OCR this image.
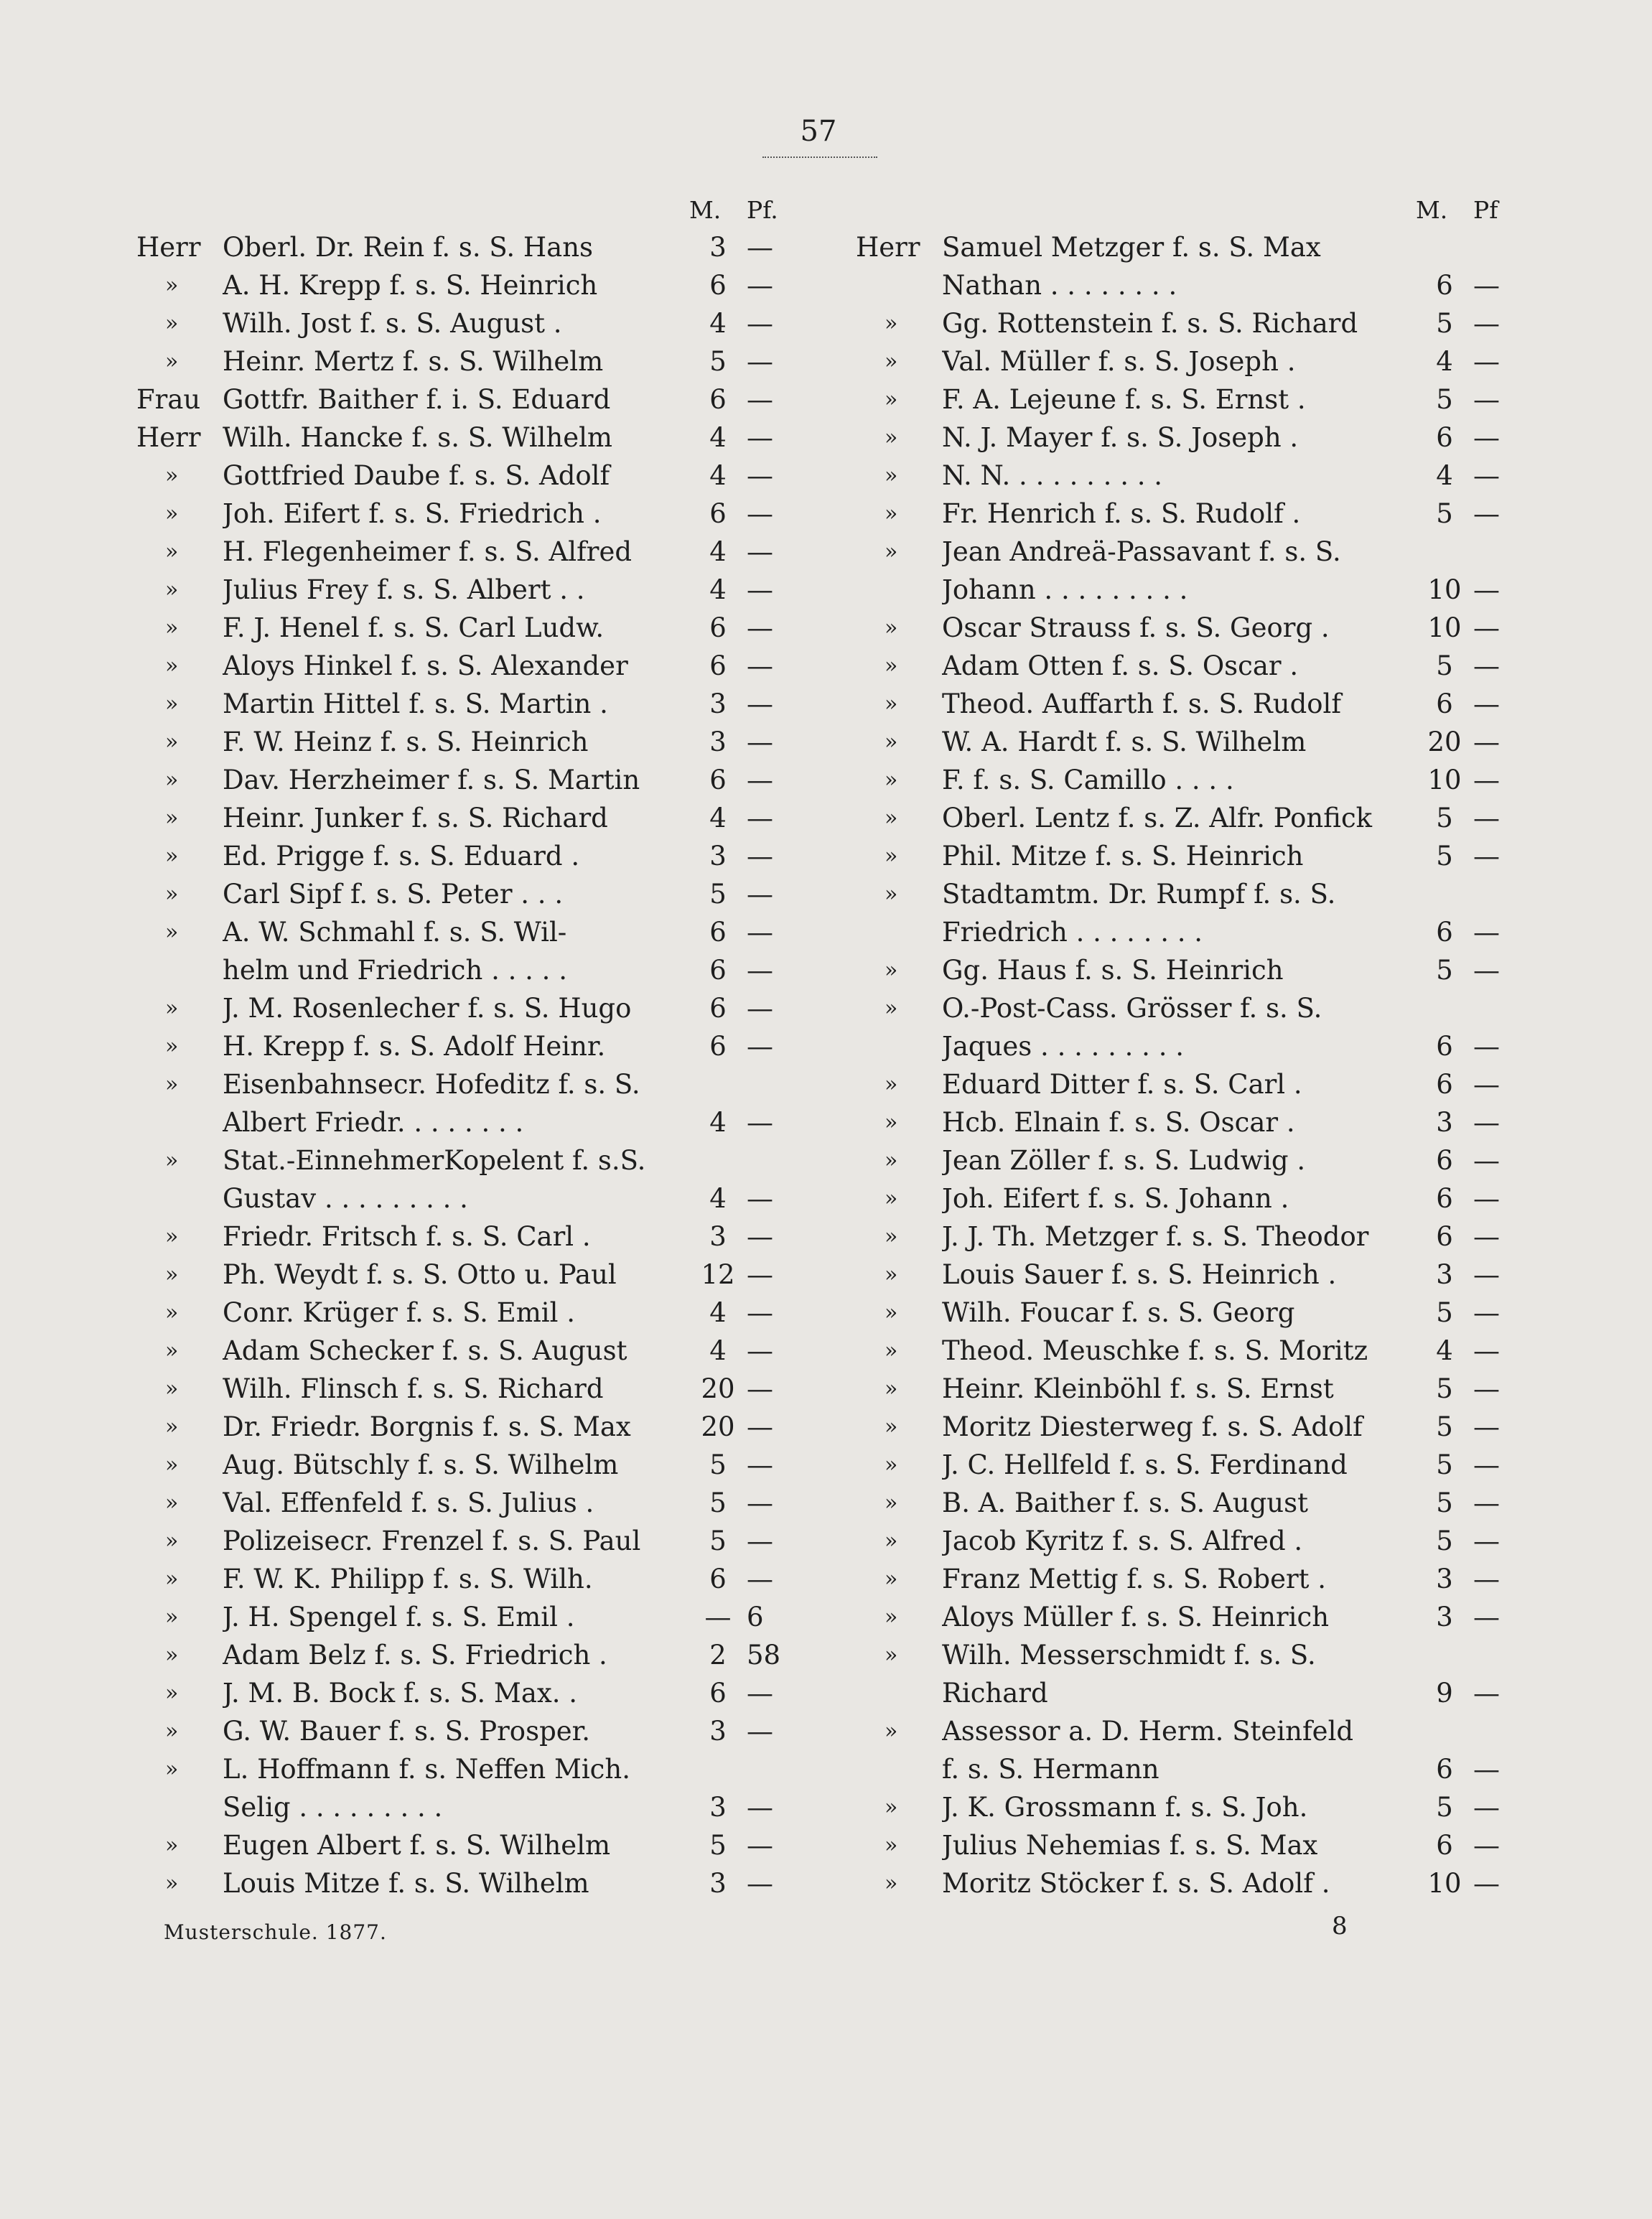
57
M. Pf.
Herr Oberl. Dr. Rein f. s. S. Hans	3 —
»	A. H. Krepp f. s. S. Heinrich	6 —
»	Wilh. Jost f. s. S. August .	4 —
»	Heinr. Mertz f. s. S. Wilhelm	5 —
Frau Gottfr. Baither f. i. S. Eduard	6 —
Herr Wilh. Hancke f. s. S. Wilhelm	4 —
»	Gottfried Daube f. s. S. Adolf	4 —
»	Joh. Eifert f. s. S. Friedrich .	6 —
»	H. Flegenheimer f. s. S. Alfred	4 —
»	Julius Frey f. s. S. Albert . .	4 —
»	F. J. Henel f. s. S. Carl Ludw.	6 —
»	Aloys Hinkel f. s. S. Alexander	6 —
»	Martin Hittel f. s. S. Martin .	3 —
»	F. W. Heinz f. s. S. Heinrich	3 —
»	Dav. Herzheimer f. s. S. Martin	6 —
»	Heinr. Junker f. s. S. Richard	4 —
»	Ed. Prigge f. s. S. Eduard .	3 —
»	Carl Sipf f. s. S. Peter . . .	5 —
»	A. W. Schmahl f. s. S. Wil-	6 —
helm und Friedrich . . . . .	6 —
»	J. M. Rosenlecher f. s. S. Hugo	6 —
»	H. Krepp f. s. S. Adolf Heinr.	6 —
»	Eisenbahnsecr. Hofeditz f. s. S.
Albert Friedr. . . . . . . .	4 —
»	Stat.-EinnehmerKopelent f. s.S.
Gustav . . . . . . . . .	4 —
»	Friedr. Fritsch f. s. S. Carl .	3 —
»	Ph. Weydt f. s. S. Otto u. Paul	12 —
»	Conr. Krüger f. s. S. Emil .	4 —
»	Adam Schecker f. s. S. August	4 —
»	Wilh. Flinsch f. s. S. Richard	20 —
»	Dr. Friedr. Borgnis f. s. S. Max	20 —
»	Aug. Bütschly f. s. S. Wilhelm	5 —
»	Val. Effenfeld f. s. S. Julius .	5 —
»	Polizeisecr. Frenzel f. s. S. Paul	5 —
»	F. W. K. Philipp f. s. S. Wilh.	6 —
»	J. H. Spengel f. s. S. Emil .	— 6
»	Adam Belz f. s. S. Friedrich .	2 58
»	J. M. B. Bock f. s. S. Max. .	6 —
»	G. W. Bauer f. s. S. Prosper.	3 —
»	L. Hoffmann f. s. Neffen Mich.
Selig . . . . . . . . .	3 —
»	Eugen Albert f. s. S. Wilhelm	5 —
»	Louis Mitze f. s. S. Wilhelm	3 —
M. Pf
Herr Samuel Metzger f. s. S. Max
Nathan . . . . . . . .	6 —
»	Gg. Rottenstein f. s. S. Richard	5 —
»	Val. Müller f. s. S. Joseph .	4 —
»	F. A. Lejeune f. s. S. Ernst .	5 —
»	N. J. Mayer f. s. S. Joseph .	6 —
»	N. N. . . . . . . . . .	4 —
»	Fr. Henrich f. s. S. Rudolf .	5 —
»	Jean Andreä-Passavant f. s. S.
Johann . . . . . . . . .	10 —
»	Oscar Strauss f. s. S. Georg .	10 —
»	Adam Otten f. s. S. Oscar .	5 —
»	Theod. Auffarth f. s. S. Rudolf	6 —
»	W. A. Hardt f. s. S. Wilhelm	20 —
»	F. f. s. S. Camillo . . . .	10 —
»	Oberl. Lentz f. s. Z. Alfr. Ponfick	5 —
»	Phil. Mitze f. s. S. Heinrich	5 —
»	Stadtamtm. Dr. Rumpf f. s. S.
Friedrich . . . . . . . .	6 —
»	Gg. Haus f. s. S. Heinrich	5 —
»	O.-Post-Cass. Grösser f. s. S.
Jaques . . . . . . . . .	6 —
»	Eduard Ditter f. s. S. Carl .	6 —
»	Hcb. Elnain f. s. S. Oscar .	3 —
»	Jean Zöller f. s. S. Ludwig .	6 —
»	Joh. Eifert f. s. S. Johann .	6 —
»	J. J. Th. Metzger f. s. S. Theodor	6 —
»	Louis Sauer f. s. S. Heinrich .	3 —
»	Wilh. Foucar f. s. S. Georg	5 —
»	Theod. Meuschke f. s. S. Moritz	4 —
»	Heinr. Kleinböhl f. s. S. Ernst	5 —
»	Moritz Diesterweg f. s. S. Adolf	5 —
»	J. C. Hellfeld f. s. S. Ferdinand	5 —
»	B. A. Baither f. s. S. August	5 —
»	Jacob Kyritz f. s. S. Alfred .	5 —
»	Franz Mettig f. s. S. Robert .	3 —
»	Aloys Müller f. s. S. Heinrich	3 —
»	Wilh. Messerschmidt f. s. S.
Richard	9 —
»	Assessor a. D. Herm. Steinfeld
f. s. S. Hermann	6 —
»	J. K. Grossmann f. s. S. Joh.	5 —
»	Julius Nehemias f. s. S. Max	6 —
»	Moritz Stöcker f. s. S. Adolf .	10 —
Musterschule. 1877.	8
